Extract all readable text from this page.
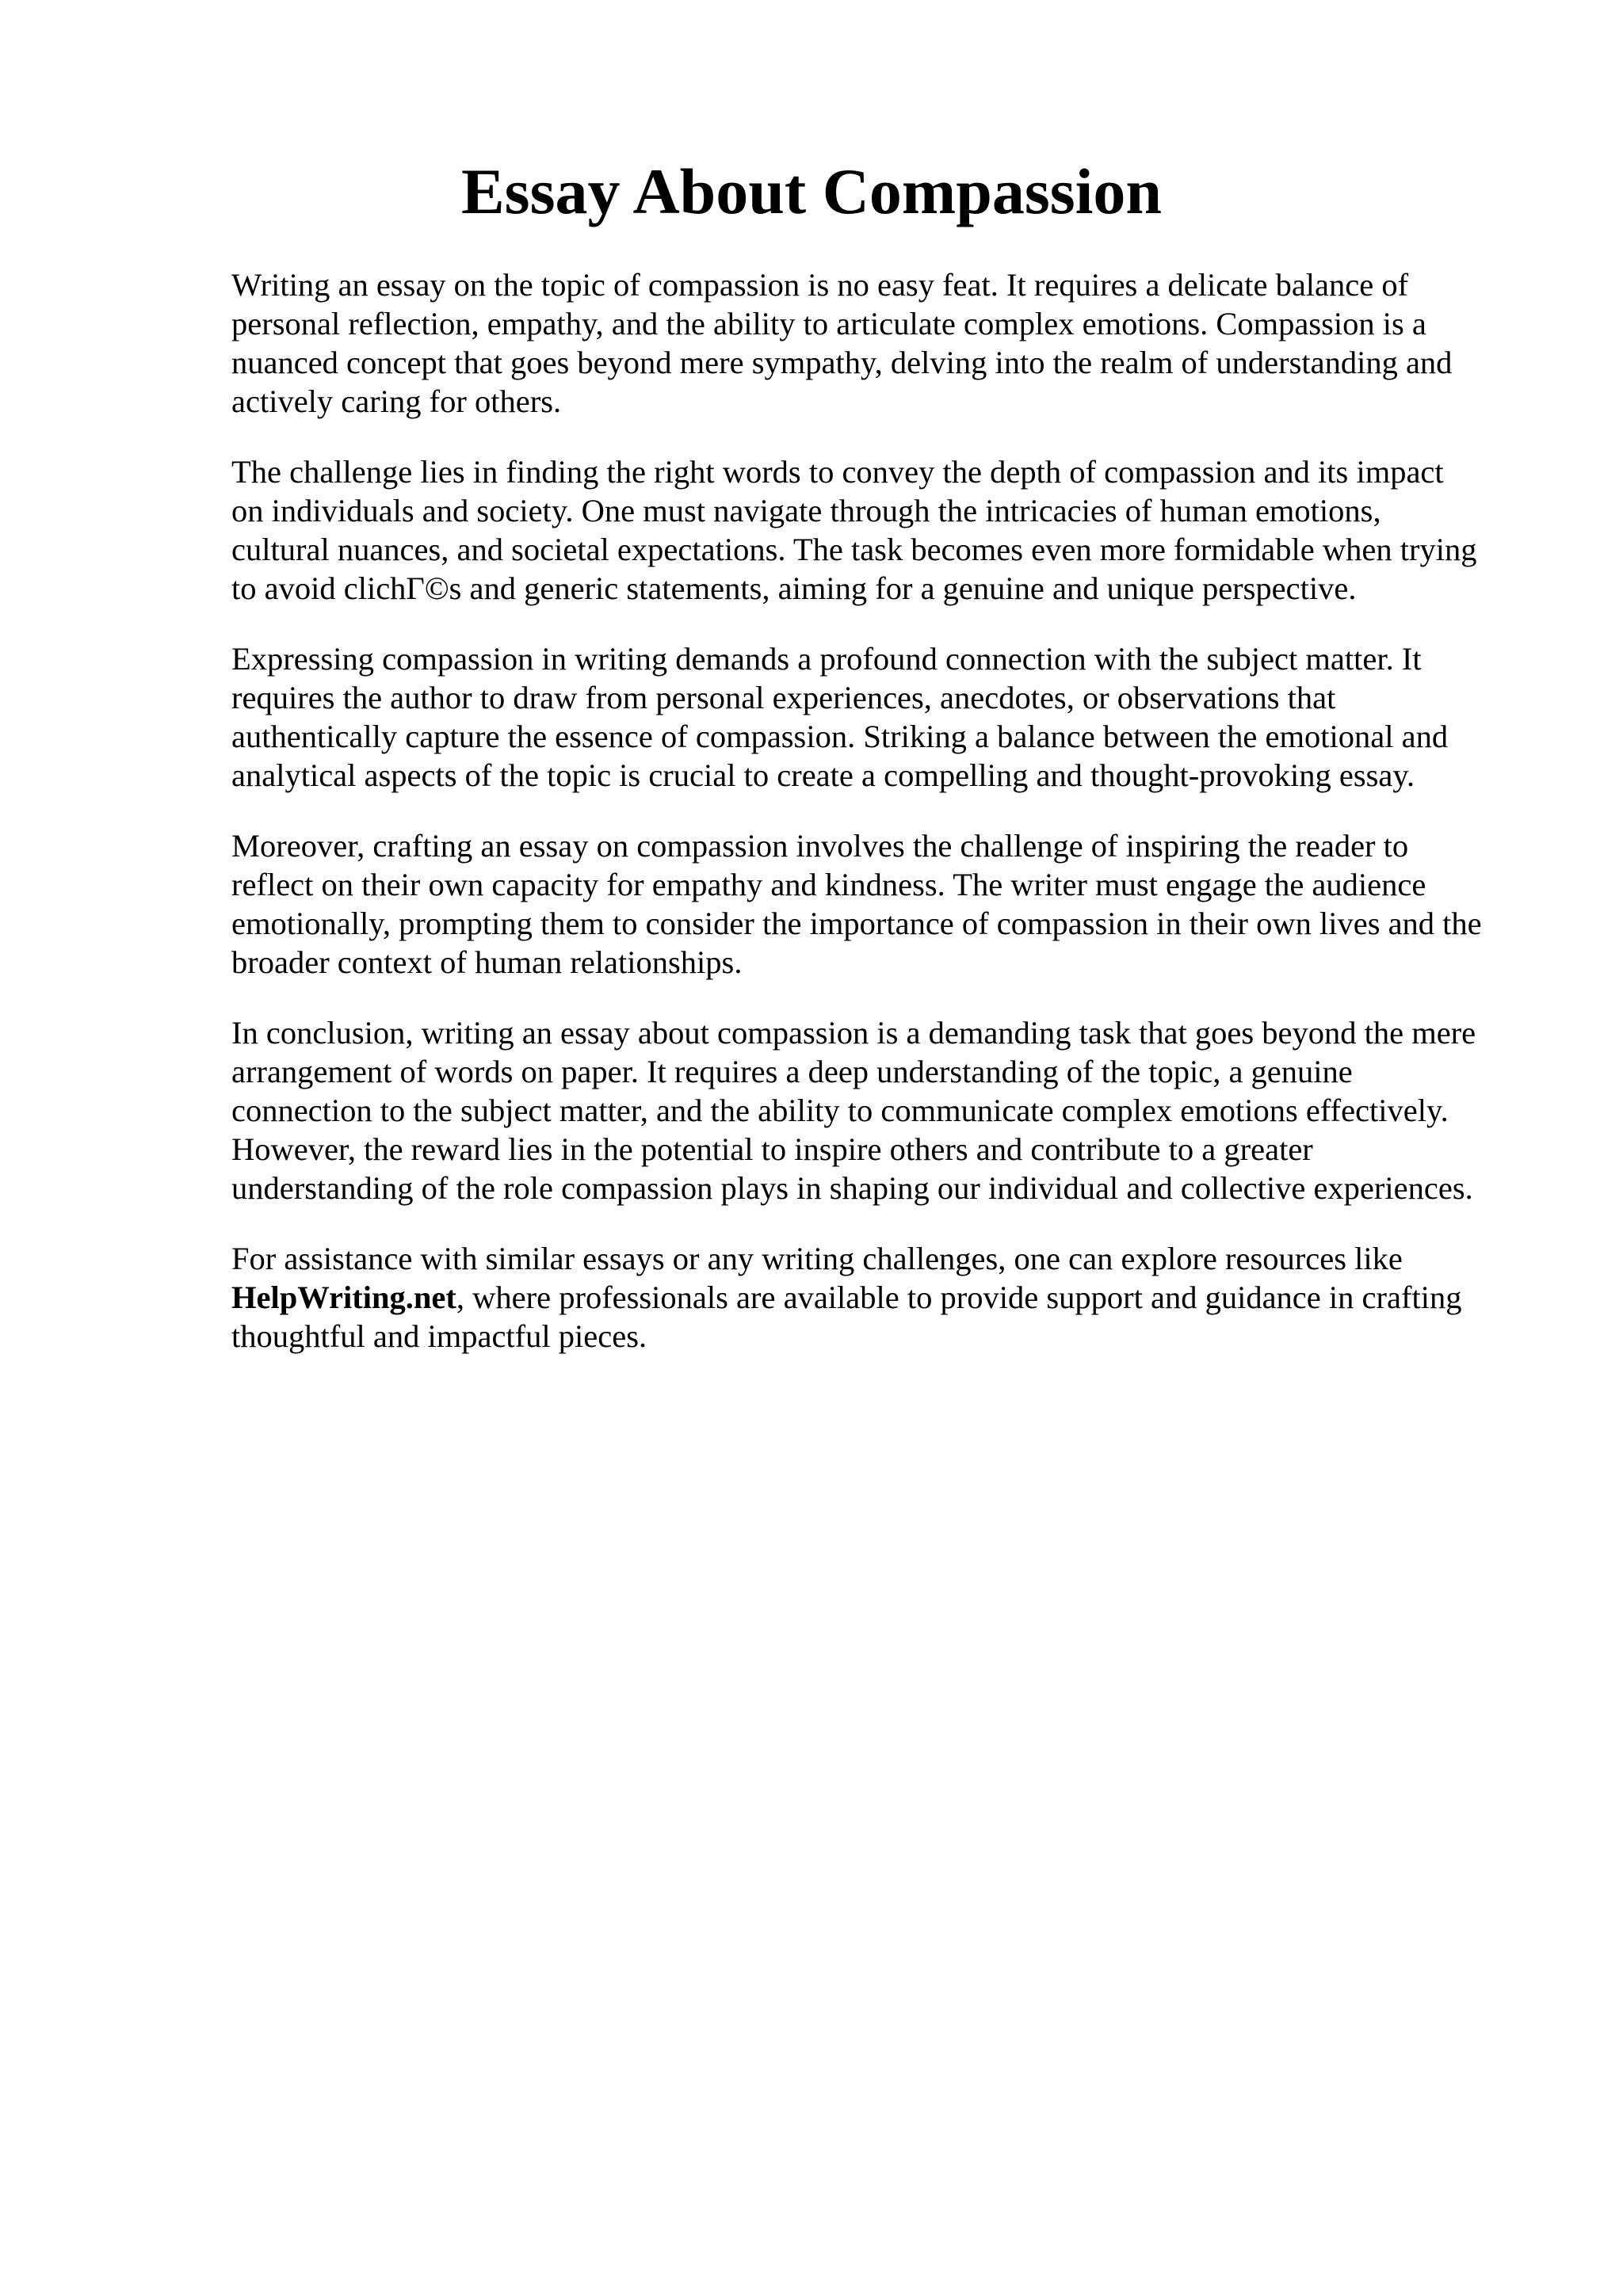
Essay About Compassion

Writing an essay on the topic of compassion is no easy feat. It requires a delicate balance of
personal reflection, empathy, and the ability to articulate complex emotions. Compassion is a
nuanced concept that goes beyond mere sympathy, delving into the realm of understanding and
actively caring for others.

The challenge lies in finding the right words to convey the depth of compassion and its impact
on individuals and society. One must navigate through the intricacies of human emotions,
cultural nuances, and societal expectations. The task becomes even more formidable when trying
to avoid clichΓ©s and generic statements, aiming for a genuine and unique perspective.

Expressing compassion in writing demands a profound connection with the subject matter. It
requires the author to draw from personal experiences, anecdotes, or observations that
authentically capture the essence of compassion. Striking a balance between the emotional and
analytical aspects of the topic is crucial to create a compelling and thought-provoking essay.

Moreover, crafting an essay on compassion involves the challenge of inspiring the reader to
reflect on their own capacity for empathy and kindness. The writer must engage the audience
emotionally, prompting them to consider the importance of compassion in their own lives and the
broader context of human relationships.

In conclusion, writing an essay about compassion is a demanding task that goes beyond the mere
arrangement of words on paper. It requires a deep understanding of the topic, a genuine
connection to the subject matter, and the ability to communicate complex emotions effectively.
However, the reward lies in the potential to inspire others and contribute to a greater
understanding of the role compassion plays in shaping our individual and collective experiences.

For assistance with similar essays or any writing challenges, one can explore resources like
HelpWriting.net, where professionals are available to provide support and guidance in crafting
thoughtful and impactful pieces.
